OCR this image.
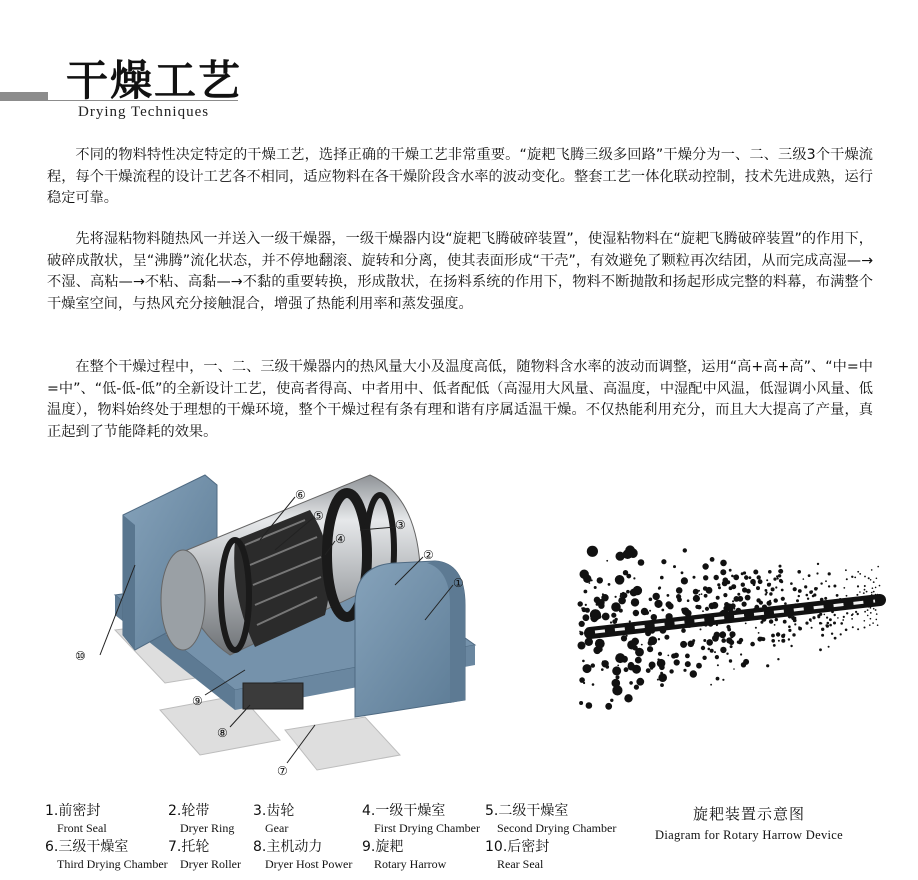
干燥工艺
Drying Techniques
不同的物料特性决定特定的干燥工艺，选择正确的干燥工艺非常重要。“旋耙飞腾三级多回路”干燥分为一、二、三级3个干燥流程，每个干燥流程的设计工艺各不相同，适应物料在各干燥阶段含水率的波动变化。整套工艺一体化联动控制，技术先进成熟，运行稳定可靠。
先将湿粘物料随热风一并送入一级干燥器，一级干燥器内设“旋耙飞腾破碎装置”，使湿粘物料在“旋耙飞腾破碎装置”的作用下，破碎成散状，呈“沸腾”流化状态，并不停地翻滚、旋转和分离，使其表面形成“干壳”，有效避免了颗粒再次结团，从而完成高湿—→不湿、高粘—→不粘、高黏—→不黏的重要转换，形成散状，在扬料系统的作用下，物料不断抛散和扬起形成完整的料幕，布满整个干燥室空间，与热风充分接触混合，增强了热能利用率和蒸发强度。
在整个干燥过程中，一、二、三级干燥器内的热风量大小及温度高低，随物料含水率的波动而调整，运用“高+高+高”、“中=中=中”、“低-低-低”的全新设计工艺，使高者得高、中者用中、低者配低（高湿用大风量、高温度，中湿配中风温，低湿调小风量、低温度），物料始终处于理想的干燥环境，整个干燥过程有条有理和谐有序属适温干燥。不仅热能利用充分，而且大大提高了产量，真正起到了节能降耗的效果。
①
②
③
④
⑤
⑥
⑦
⑧
⑨
⑩
1.前密封
Front Seal
2.轮带
Dryer Ring
3.齿轮
Gear
4.一级干燥室
First Drying Chamber
5.二级干燥室
Second Drying Chamber
6.三级干燥室
Third Drying Chamber
7.托轮
Dryer Roller
8.主机动力
Dryer Host Power
9.旋耙
Rotary Harrow
10.后密封
Rear Seal
旋耙装置示意图
Diagram for Rotary Harrow Device
